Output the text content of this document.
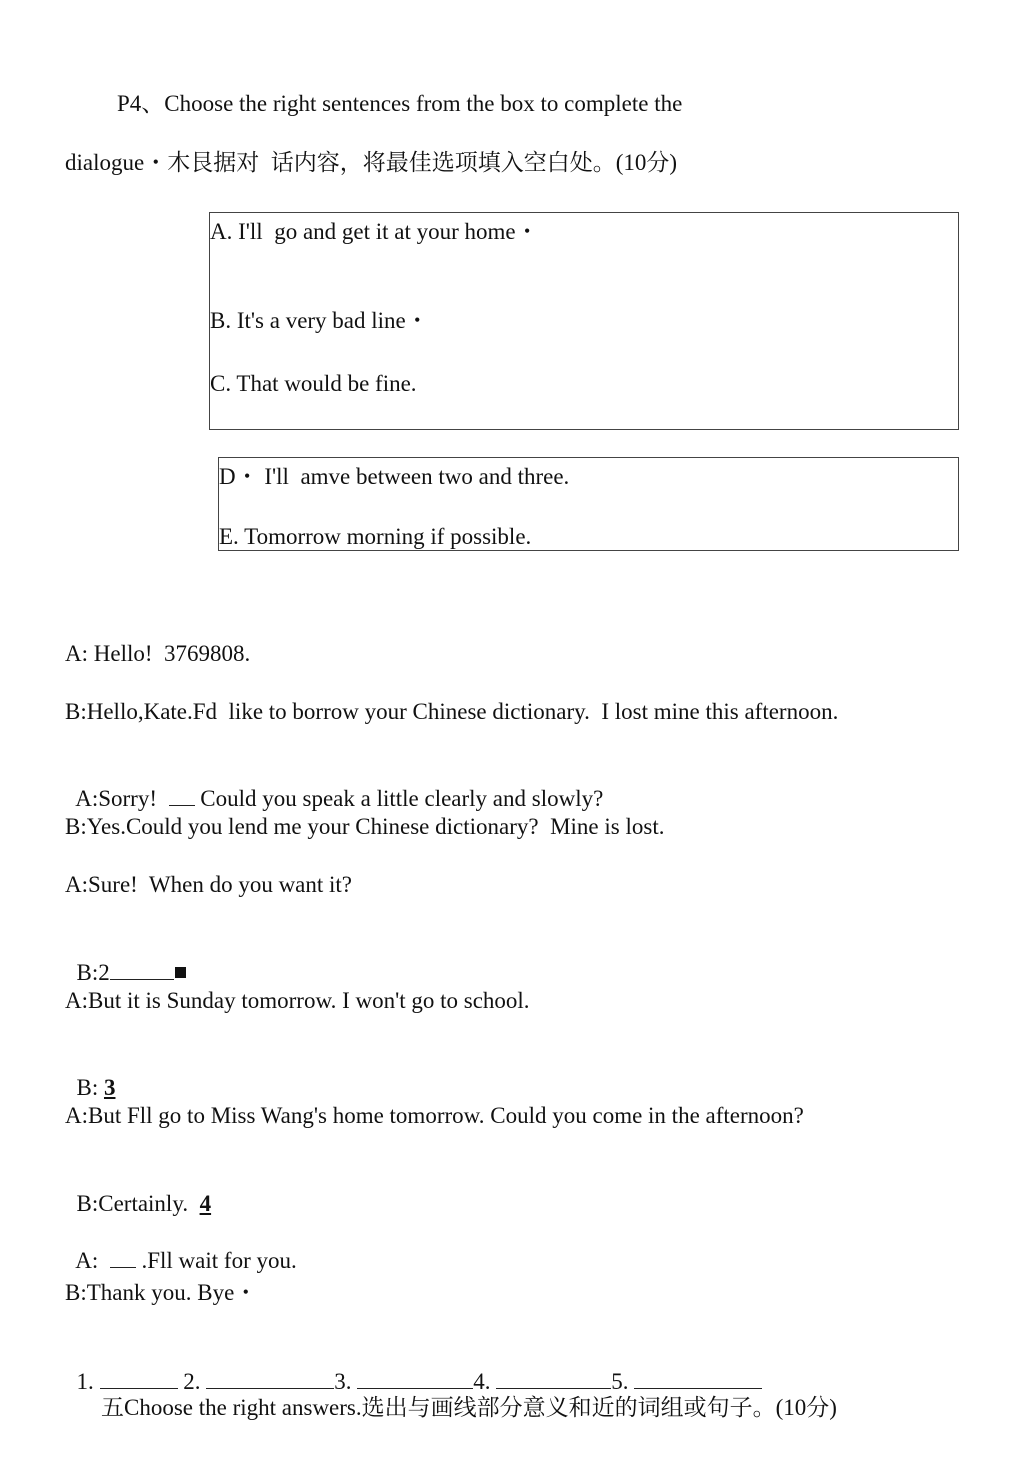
P4、Choose the right sentences from the box to complete the
dialogue・木艮据对  话内容，将最佳选项填入空白处。(10分)
A. I'll  go and get it at your home・
B. It's a very bad line・
C. That would be fine.
D・ I'll  amve between two and three.
E. Tomorrow morning if possible.
A: Hello!  3769808.
B:Hello,Kate.Fd  like to borrow your Chinese dictionary.  I lost mine this afternoon.

A:Sorry!   Could you speak a little clearly and slowly?

B:Yes.Could you lend me your Chinese dictionary?  Mine is lost.
A:Sure!  When do you want it?

B:2

A:But it is Sunday tomorrow. I won't go to school.

B: 3

A:But Fll go to Miss Wang's home tomorrow. Could you come in the afternoon?

B:Certainly.  4

A:   .Fll wait for you.

B:Thank you. Bye・

1.	2.	3.	4.	5.

五Choose the right answers.选出与画线部分意义和近的词组或句子。(10分)
